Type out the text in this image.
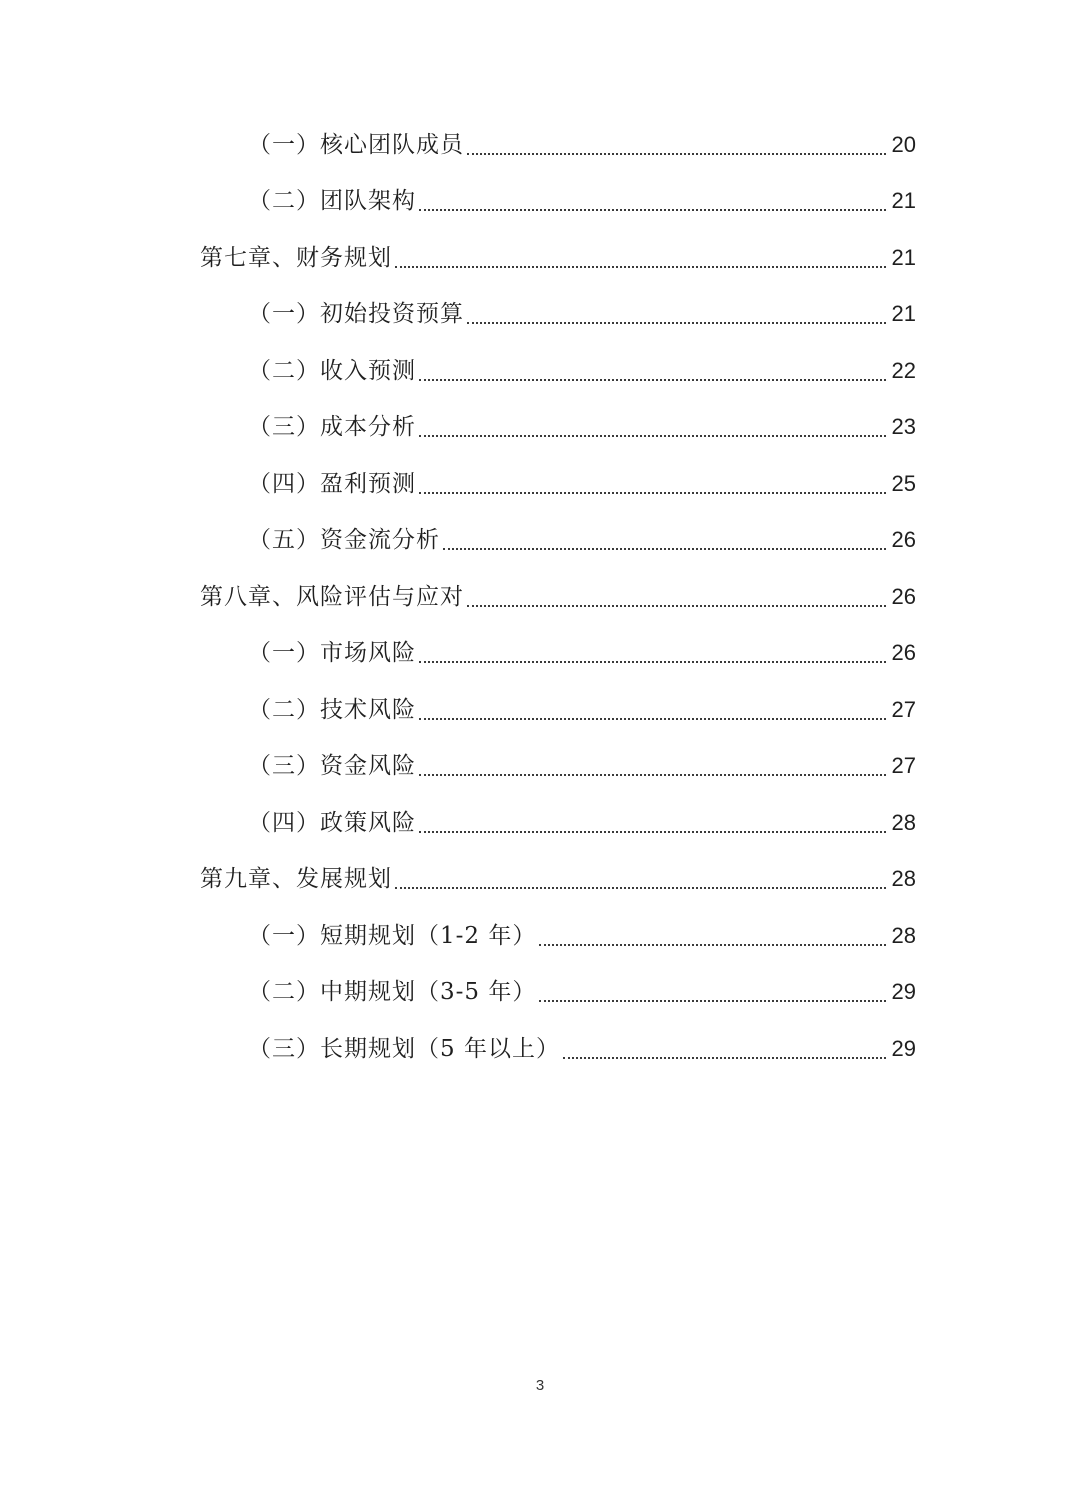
（一）核心团队成员	20
（二）团队架构	21
第七章、财务规划	21
（一）初始投资预算	21
（二）收入预测	22
（三）成本分析	23
（四）盈利预测	25
（五）资金流分析	26
第八章、风险评估与应对	26
（一）市场风险	26
（二）技术风险	27
（三）资金风险	27
（四）政策风险	28
第九章、发展规划	28
（一）短期规划（1-2 年）	28
（二）中期规划（3-5 年）	29
（三）长期规划（5 年以上）	29
3
